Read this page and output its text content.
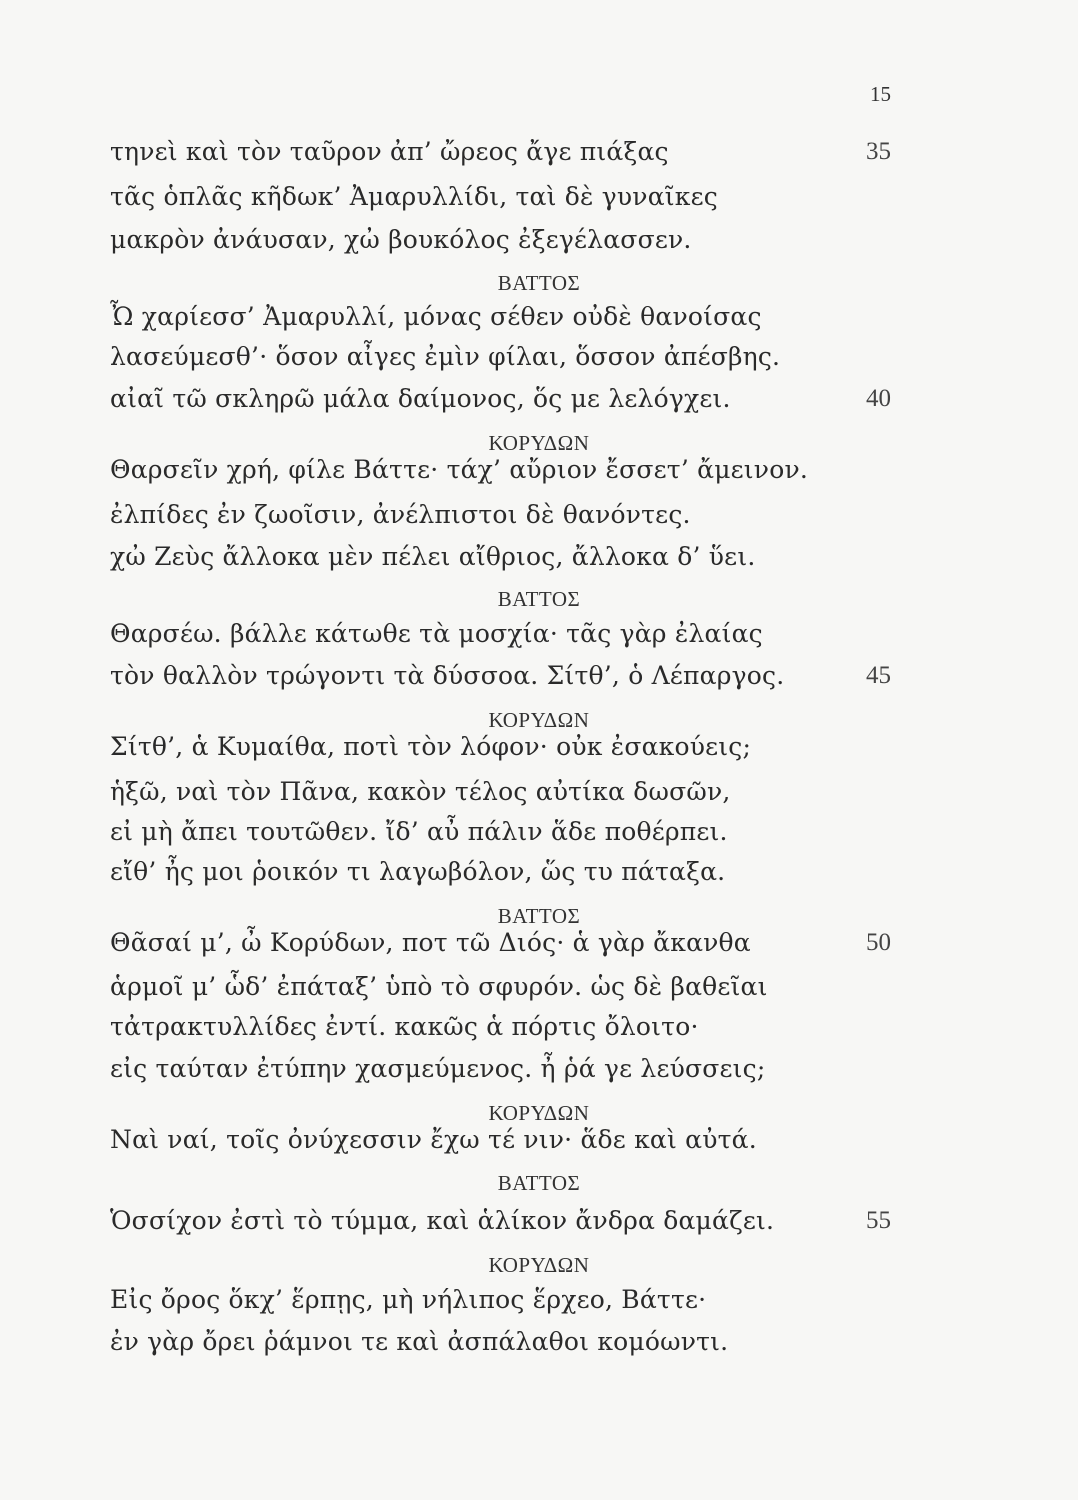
15
τηνεὶ καὶ τὸν ταῦρον ἀπ’ ὤρεος ἄγε πιάξας	35
τᾶς ὁπλᾶς κῆδωκ’ Ἀμαρυλλίδι, ταὶ δὲ γυναῖκες
μακρὸν ἀνάυσαν, χὠ βουκόλος ἐξεγέλασσεν.
ΒΑΤΤΟΣ
Ὦ χαρίεσσ’ Ἀμαρυλλί, μόνας σέθεν οὐδὲ θανοίσας
λασεύμεσθ’· ὅσον αἶγες ἐμὶν φίλαι, ὅσσον ἀπέσβης.
αἰαῖ τῶ σκληρῶ μάλα δαίμονος, ὅς με λελόγχει.	40
ΚΟΡΥΔΩΝ
Θαρσεῖν χρή, φίλε Βάττε· τάχ’ αὔριον ἔσσετ’ ἄμεινον.
ἐλπίδες ἐν ζωοῖσιν, ἀνέλπιστοι δὲ θανόντες.
χὠ Ζεὺς ἄλλοκα μὲν πέλει αἴθριος, ἄλλοκα δ’ ὕει.
ΒΑΤΤΟΣ
Θαρσέω. βάλλε κάτωθε τὰ μοσχία· τᾶς γὰρ ἐλαίας
τὸν θαλλὸν τρώγοντι τὰ δύσσοα. Σίτθ’, ὁ Λέπαργος.	45
ΚΟΡΥΔΩΝ
Σίτθ’, ἁ Κυμαίθα, ποτὶ τὸν λόφον· οὐκ ἐσακούεις;
ἡξῶ, ναὶ τὸν Πᾶνα, κακὸν τέλος αὐτίκα δωσῶν,
εἰ μὴ ἄπει τουτῶθεν. ἴδ’ αὖ πάλιν ἅδε ποθέρπει.
εἴθ’ ἦς μοι ῥοικόν τι λαγωβόλον, ὥς τυ πάταξα.
ΒΑΤΤΟΣ
Θᾶσαί μ’, ὦ Κορύδων, ποτ τῶ Διός· ἁ γὰρ ἄκανθα	50
ἁρμοῖ μ’ ὧδ’ ἐπάταξ’ ὑπὸ τὸ σφυρόν. ὡς δὲ βαθεῖαι
τἀτρακτυλλίδες ἐντί. κακῶς ἁ πόρτις ὄλοιτο·
εἰς ταύταν ἐτύπην χασμεύμενος. ἦ ῥά γε λεύσσεις;
ΚΟΡΥΔΩΝ
Ναὶ ναί, τοῖς ὀνύχεσσιν ἔχω τέ νιν· ἅδε καὶ αὐτά.
ΒΑΤΤΟΣ
Ὁσσίχον ἐστὶ τὸ τύμμα, καὶ ἁλίκον ἄνδρα δαμάζει.	55
ΚΟΡΥΔΩΝ
Εἰς ὄρος ὅκχ’ ἕρπῃς, μὴ νήλιπος ἕρχεο, Βάττε·
ἐν γὰρ ὄρει ῥάμνοι τε καὶ ἀσπάλαθοι κομόωντι.
